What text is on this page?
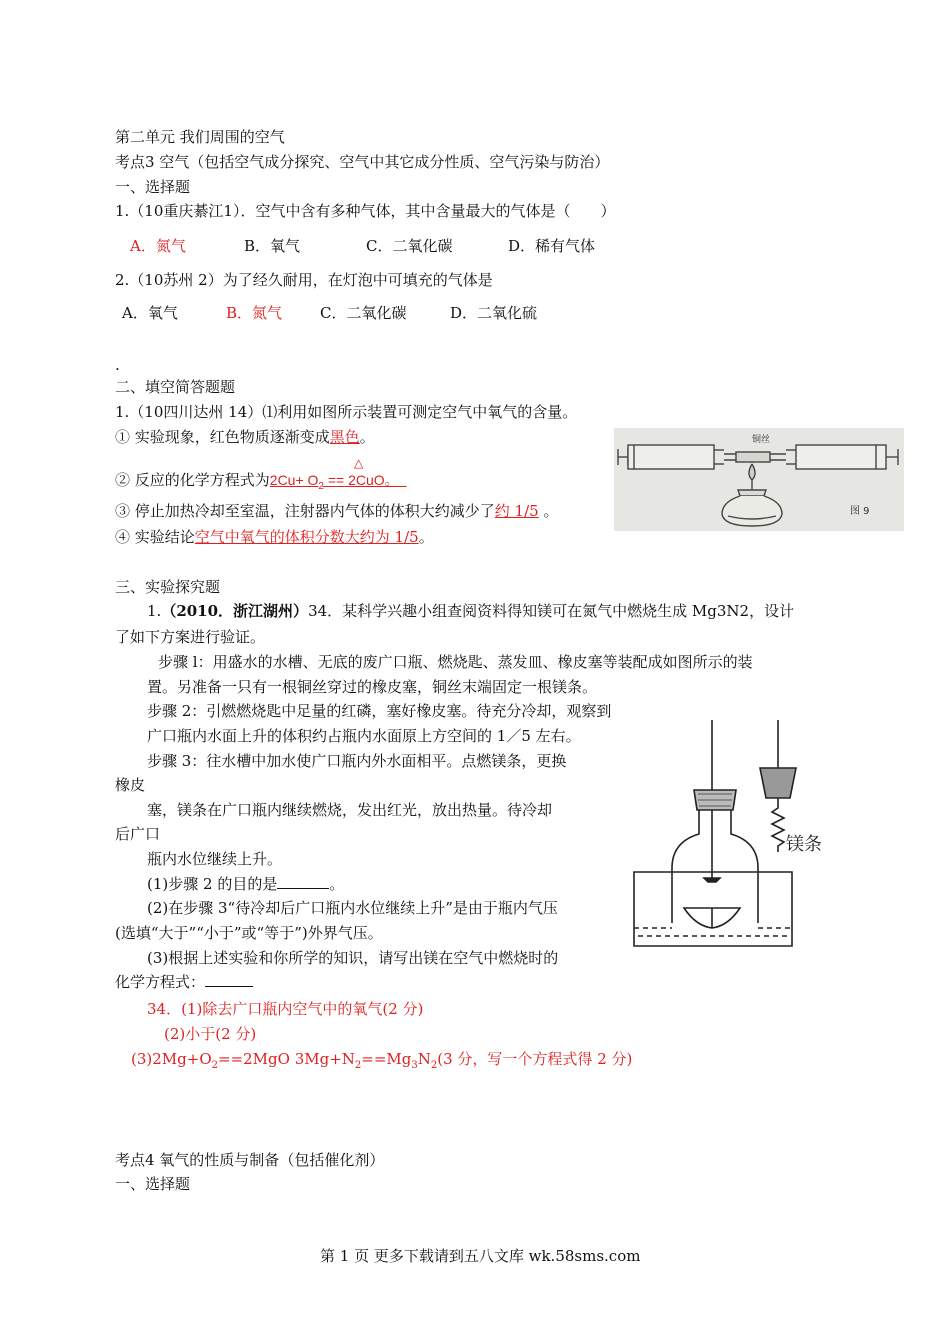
第二单元 我们周围的空气
考点3 空气（包括空气成分探究、空气中其它成分性质、空气污染与防治）
一、选择题
1.（10重庆綦江1）．空气中含有多种气体，其中含量最大的气体是（　　）
A．氮气	B．氧气	C．二氧化碳	D．稀有气体
2.（10苏州 2）为了经久耐用，在灯泡中可填充的气体是
A．氧气	B．氮气	C．二氧化碳	D．二氧化硫
.
二、填空简答题题
1.（10四川达州 14）⑴利用如图所示装置可测定空气中氧气的含量。
① 实验现象，红色物质逐渐变成黑色。
△
② 反应的化学方程式为$2Cu+ O_2 == 2CuO$。
③ 停止加热冷却至室温，注射器内气体的体积大约减少了约 1/5 。
④ 实验结论空气中氧气的体积分数大约为 1/5。
铜丝
图 9
三、实验探究题
1.（2010．浙江湖州）34．某科学兴趣小组查阅资料得知镁可在氮气中燃烧生成 Mg3N2，设计
了如下方案进行验证。
步骤 l：用盛水的水槽、无底的废广口瓶、燃烧匙、蒸发皿、橡皮塞等装配成如图所示的装
置。另准备一只有一根铜丝穿过的橡皮塞，铜丝末端固定一根镁条。
步骤 2：引燃燃烧匙中足量的红磷，塞好橡皮塞。待充分冷却，观察到
广口瓶内水面上升的体积约占瓶内水面原上方空间的 1／5 左右。
步骤 3：往水槽中加水使广口瓶内外水面相平。点燃镁条，更换
橡皮
塞，镁条在广口瓶内继续燃烧，发出红光，放出热量。待冷却
后广口
瓶内水位继续上升。
(1)步骤 2 的目的是	。
(2)在步骤 3“待冷却后广口瓶内水位继续上升”是由于瓶内气压
(选填“大于”“小于”或“等于”)外界气压。
(3)根据上述实验和你所学的知识，请写出镁在空气中燃烧时的
化学方程式：
34．(1)除去广口瓶内空气中的氧气(2 分)
(2)小于(2 分)
$(3)2Mg+O_2==2MgO$ $3Mg+N_2==Mg_3N_2(3$ 分，写一个方程式得 2 分)
镁条
考点4 氧气的性质与制备（包括催化剂）
一、选择题
第 1 页 更多下载请到五八文库 wk.58sms.com
